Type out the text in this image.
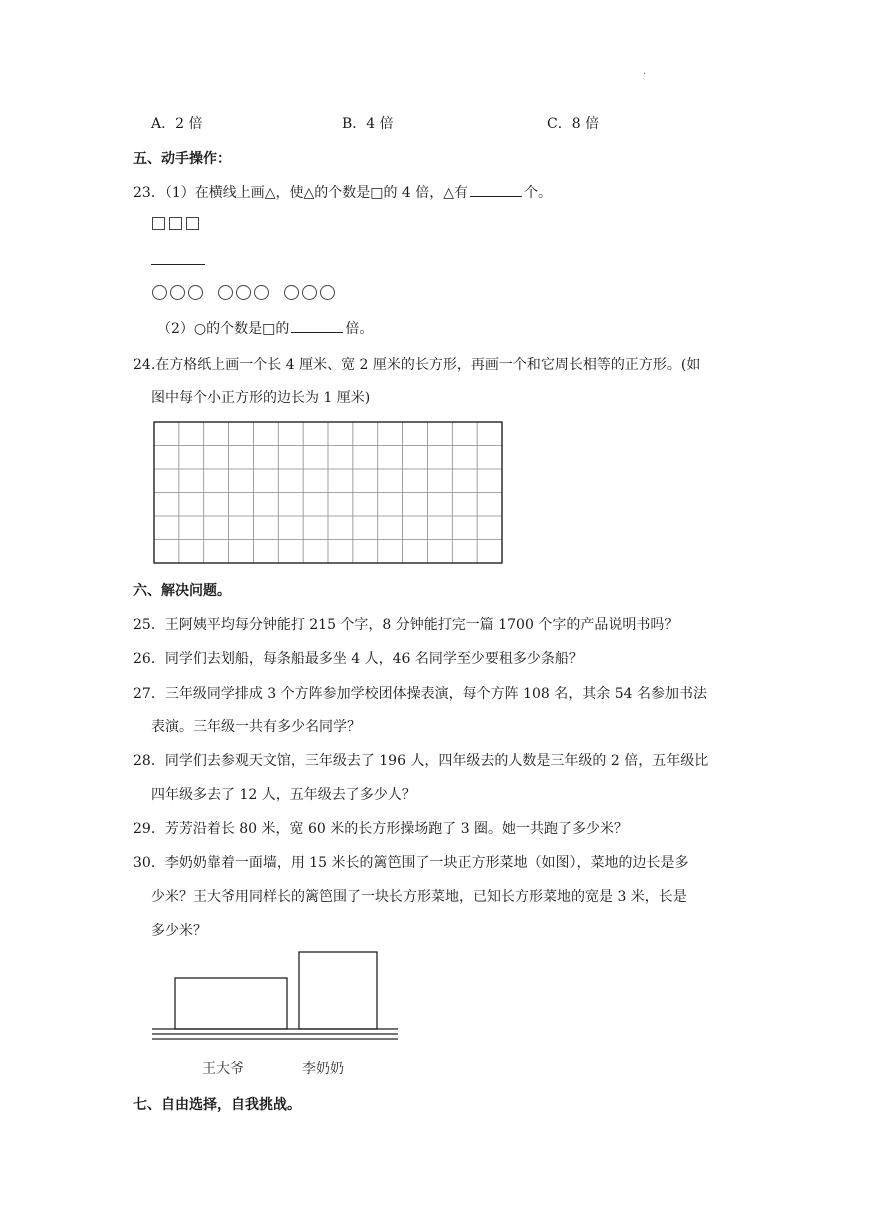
.
A．2 倍	B．4 倍	C．8 倍
五、动手操作：
23．（1）在横线上画△，使△的个数是□的 4 倍，△有	个。
（2）○的个数是□的	倍。
24.在方格纸上画一个长 4 厘米、宽 2 厘米的长方形，再画一个和它周长相等的正方形。(如
图中每个小正方形的边长为 1 厘米)
六、解决问题。
25．王阿姨平均每分钟能打 215 个字，8 分钟能打完一篇 1700 个字的产品说明书吗？
26．同学们去划船，每条船最多坐 4 人，46 名同学至少要租多少条船？
27．三年级同学排成 3 个方阵参加学校团体操表演，每个方阵 108 名，其余 54 名参加书法
表演。三年级一共有多少名同学？
28．同学们去参观天文馆，三年级去了 196 人，四年级去的人数是三年级的 2 倍，五年级比
四年级多去了 12 人，五年级去了多少人？
29．芳芳沿着长 80 米，宽 60 米的长方形操场跑了 3 圈。她一共跑了多少米？
30．李奶奶靠着一面墙，用 15 米长的篱笆围了一块正方形菜地（如图），菜地的边长是多
少米？王大爷用同样长的篱笆围了一块长方形菜地，已知长方形菜地的宽是 3 米，长是
多少米？
王大爷	李奶奶
七、自由选择，自我挑战。
